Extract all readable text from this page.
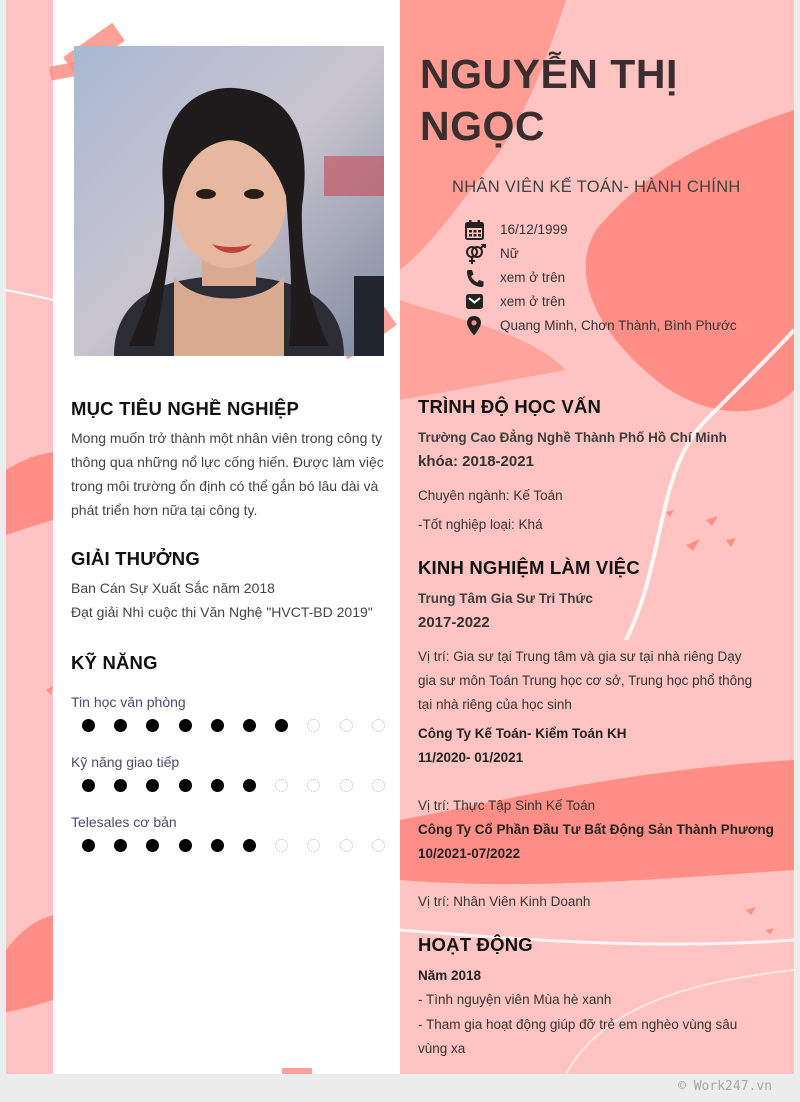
MỤC TIÊU NGHỀ NGHIỆP
Mong muốn trở thành một nhân viên trong công ty
thông qua những nổ lực cống hiến. Được làm việc
trong môi trường ổn định có thể gắn bó lâu dài và
phát triển hơn nữa tại công ty.
GIẢI THƯỞNG
Ban Cán Sự Xuất Sắc năm 2018
Đạt giải Nhì cuộc thi Văn Nghệ "HVCT-BD 2019"
KỸ NĂNG
Tin học văn phòng
Kỹ năng giao tiếp
Telesales cơ bản
NGUYỄN THỊ NGỌC
NHÂN VIÊN KẾ TOÁN- HÀNH CHÍNH
16/12/1999
Nữ
xem ở trên
xem ở trên
Quang Minh, Chơn Thành, Bình Phước
TRÌNH ĐỘ HỌC VẤN
Trường Cao Đẳng Nghề Thành Phố Hồ Chí Minh
khóa: 2018-2021
Chuyên ngành: Kế Toán
-Tốt nghiệp loại: Khá
KINH NGHIỆM LÀM VIỆC
Trung Tâm Gia Sư Tri Thức
2017-2022
Vị trí: Gia sư tại Trung tâm và gia sư tại nhà riêng Dạy
gia sư môn Toán Trung học cơ sở, Trung học phổ thông
tại nhà riêng của học sinh
Công Ty Kế Toán- Kiểm Toán KH
11/2020- 01/2021
Vị trí: Thực Tập Sinh Kế Toán
Công Ty Cổ Phần Đầu Tư Bất Động Sản Thành Phương
10/2021-07/2022
Vị trí: Nhân Viên Kinh Doanh
HOẠT ĐỘNG
Năm 2018
- Tình nguyện viên Mùa hè xanh
- Tham gia hoạt động giúp đỡ trẻ em nghèo vùng sâu
vùng xa
© Work247.vn
